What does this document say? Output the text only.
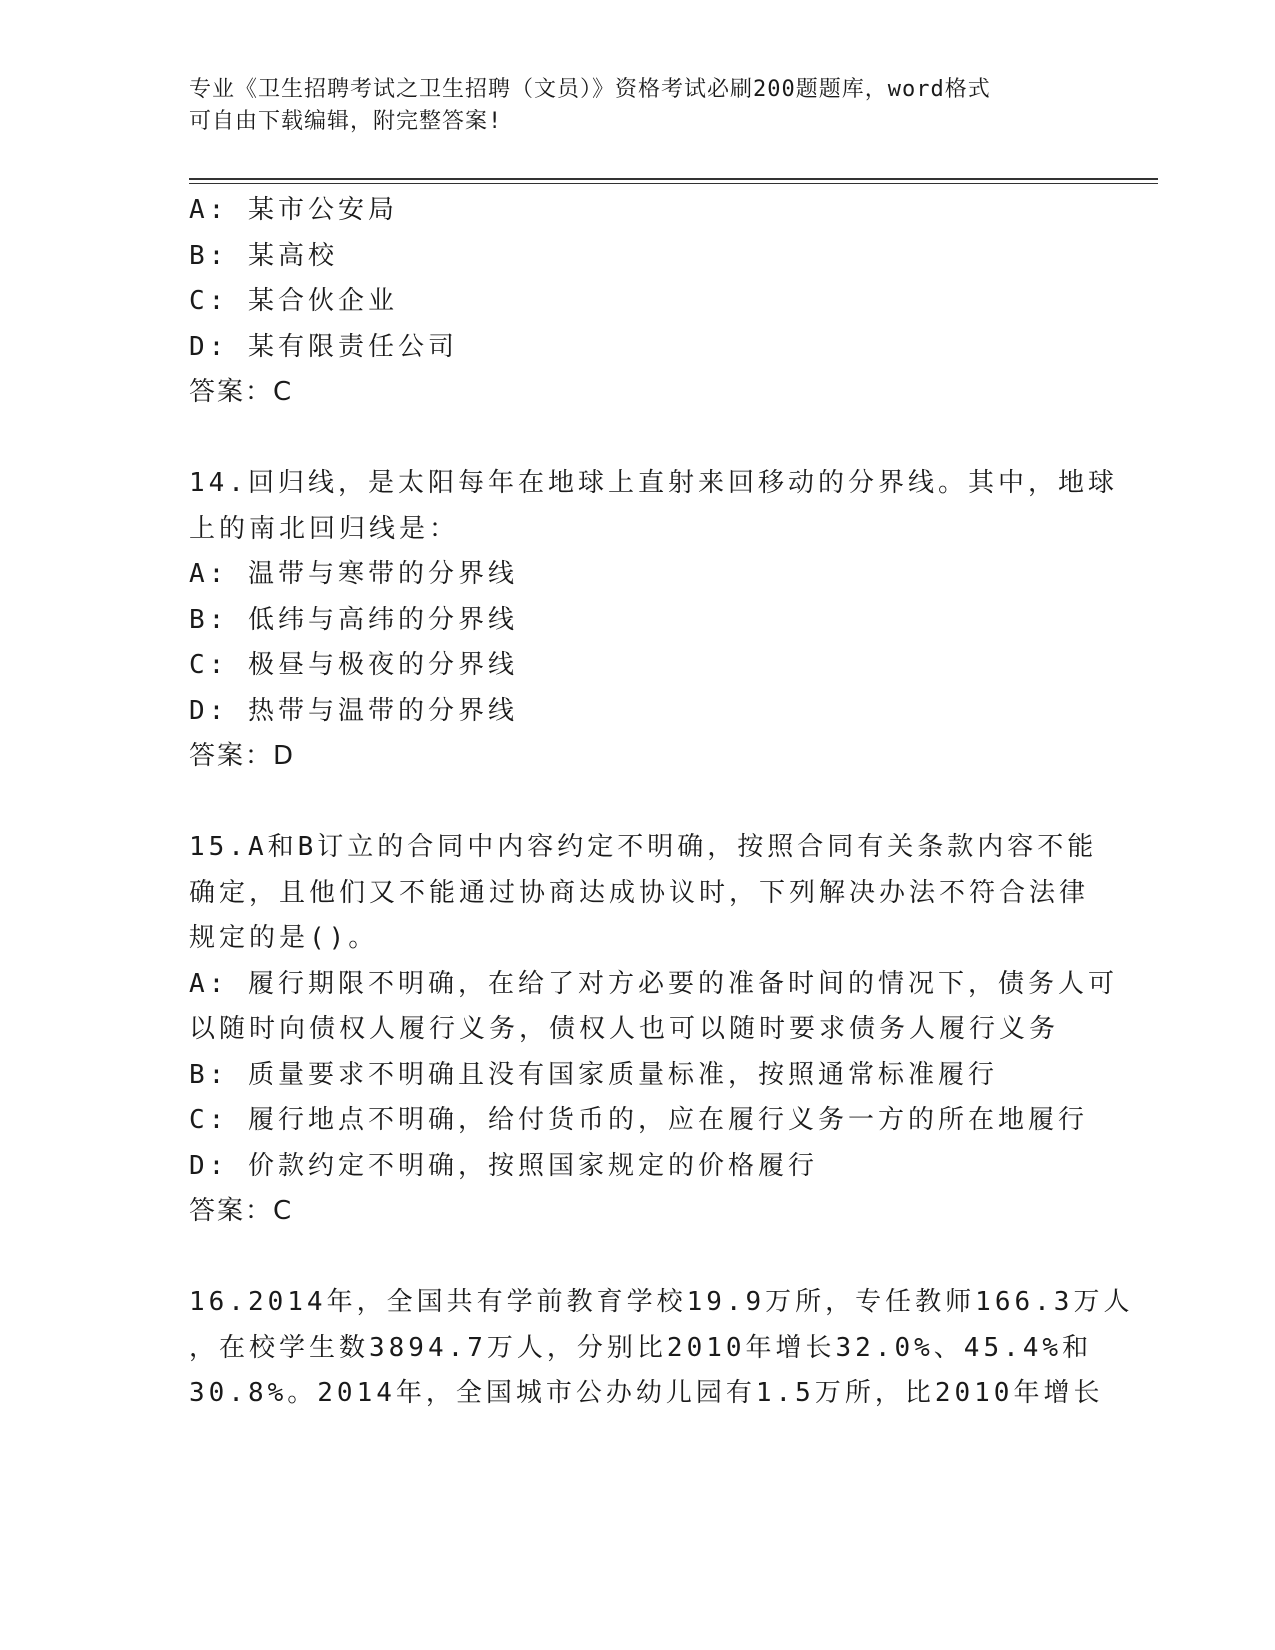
专业《卫生招聘考试之卫生招聘（文员）》资格考试必刷200题题库，word格式
可自由下载编辑，附完整答案!
A: 某市公安局
B: 某高校
C: 某合伙企业
D: 某有限责任公司
答案：C
14.回归线，是太阳每年在地球上直射来回移动的分界线。其中，地球
上的南北回归线是：
A: 温带与寒带的分界线
B: 低纬与高纬的分界线
C: 极昼与极夜的分界线
D: 热带与温带的分界线
答案：D
15.A和B订立的合同中内容约定不明确，按照合同有关条款内容不能
确定，且他们又不能通过协商达成协议时，下列解决办法不符合法律
规定的是()。
A: 履行期限不明确，在给了对方必要的准备时间的情况下，债务人可
以随时向债权人履行义务，债权人也可以随时要求债务人履行义务
B: 质量要求不明确且没有国家质量标准，按照通常标准履行
C: 履行地点不明确，给付货币的，应在履行义务一方的所在地履行
D: 价款约定不明确，按照国家规定的价格履行
答案：C
16.2014年，全国共有学前教育学校19.9万所，专任教师166.3万人
，在校学生数3894.7万人，分别比2010年增长32.0%、45.4%和
30.8%。2014年，全国城市公办幼儿园有1.5万所，比2010年增长
